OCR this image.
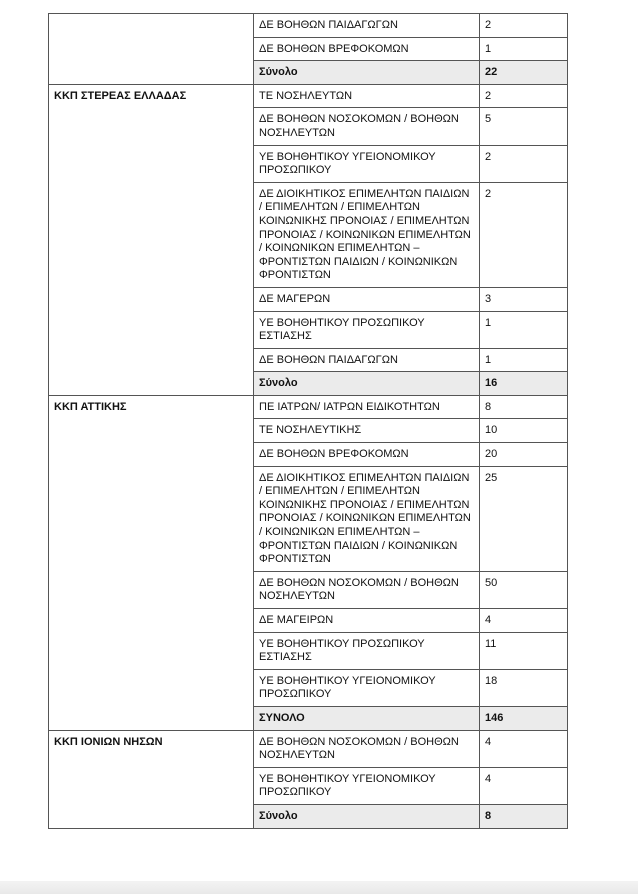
	ΔΕ ΒΟΗΘΩΝ ΠΑΙΔΑΓΩΓΩΝ	2
	ΔΕ ΒΟΗΘΩΝ ΒΡΕΦΟΚΟΜΩΝ	1
	Σύνολο	22
ΚΚΠ ΣΤΕΡΕΑΣ ΕΛΛΑΔΑΣ	ΤΕ ΝΟΣΗΛΕΥΤΩΝ	2
	ΔΕ ΒΟΗΘΩΝ ΝΟΣΟΚΟΜΩΝ / ΒΟΗΘΩΝ ΝΟΣΗΛΕΥΤΩΝ	5
	ΥΕ ΒΟΗΘΗΤΙΚΟΥ ΥΓΕΙΟΝΟΜΙΚΟΥ ΠΡΟΣΩΠΙΚΟΥ	2
	ΔΕ ΔΙΟΙΚΗΤΙΚΟΣ ΕΠΙΜΕΛΗΤΩΝ ΠΑΙΔΙΩΝ / ΕΠΙΜΕΛΗΤΩΝ / ΕΠΙΜΕΛΗΤΩΝ ΚΟΙΝΩΝΙΚΗΣ ΠΡΟΝΟΙΑΣ / ΕΠΙΜΕΛΗΤΩΝ ΠΡΟΝΟΙΑΣ / ΚΟΙΝΩΝΙΚΩΝ ΕΠΙΜΕΛΗΤΩΝ / ΚΟΙΝΩΝΙΚΩΝ ΕΠΙΜΕΛΗΤΩΝ – ΦΡΟΝΤΙΣΤΩΝ ΠΑΙΔΙΩΝ / ΚΟΙΝΩΝΙΚΩΝ ΦΡΟΝΤΙΣΤΩΝ	2
	ΔΕ ΜΑΓΕΡΩΝ	3
	ΥΕ ΒΟΗΘΗΤΙΚΟΥ ΠΡΟΣΩΠΙΚΟΥ ΕΣΤΙΑΣΗΣ	1
	ΔΕ ΒΟΗΘΩΝ ΠΑΙΔΑΓΩΓΩΝ	1
	Σύνολο	16
ΚΚΠ ΑΤΤΙΚΗΣ	ΠΕ ΙΑΤΡΩΝ/ ΙΑΤΡΩΝ ΕΙΔΙΚΟΤΗΤΩΝ	8
	ΤΕ ΝΟΣΗΛΕΥΤΙΚΗΣ	10
	ΔΕ ΒΟΗΘΩΝ ΒΡΕΦΟΚΟΜΩΝ	20
	ΔΕ ΔΙΟΙΚΗΤΙΚΟΣ ΕΠΙΜΕΛΗΤΩΝ ΠΑΙΔΙΩΝ / ΕΠΙΜΕΛΗΤΩΝ / ΕΠΙΜΕΛΗΤΩΝ ΚΟΙΝΩΝΙΚΗΣ ΠΡΟΝΟΙΑΣ / ΕΠΙΜΕΛΗΤΩΝ ΠΡΟΝΟΙΑΣ / ΚΟΙΝΩΝΙΚΩΝ ΕΠΙΜΕΛΗΤΩΝ / ΚΟΙΝΩΝΙΚΩΝ ΕΠΙΜΕΛΗΤΩΝ – ΦΡΟΝΤΙΣΤΩΝ ΠΑΙΔΙΩΝ / ΚΟΙΝΩΝΙΚΩΝ ΦΡΟΝΤΙΣΤΩΝ	25
	ΔΕ ΒΟΗΘΩΝ ΝΟΣΟΚΟΜΩΝ / ΒΟΗΘΩΝ ΝΟΣΗΛΕΥΤΩΝ	50
	ΔΕ ΜΑΓΕΙΡΩΝ	4
	ΥΕ ΒΟΗΘΗΤΙΚΟΥ ΠΡΟΣΩΠΙΚΟΥ ΕΣΤΙΑΣΗΣ	11
	ΥΕ ΒΟΗΘΗΤΙΚΟΥ ΥΓΕΙΟΝΟΜΙΚΟΥ ΠΡΟΣΩΠΙΚΟΥ	18
	ΣΥΝΟΛΟ	146
ΚΚΠ ΙΟΝΙΩΝ ΝΗΣΩΝ	ΔΕ ΒΟΗΘΩΝ ΝΟΣΟΚΟΜΩΝ / ΒΟΗΘΩΝ ΝΟΣΗΛΕΥΤΩΝ	4
	ΥΕ ΒΟΗΘΗΤΙΚΟΥ ΥΓΕΙΟΝΟΜΙΚΟΥ ΠΡΟΣΩΠΙΚΟΥ	4
	Σύνολο	8
